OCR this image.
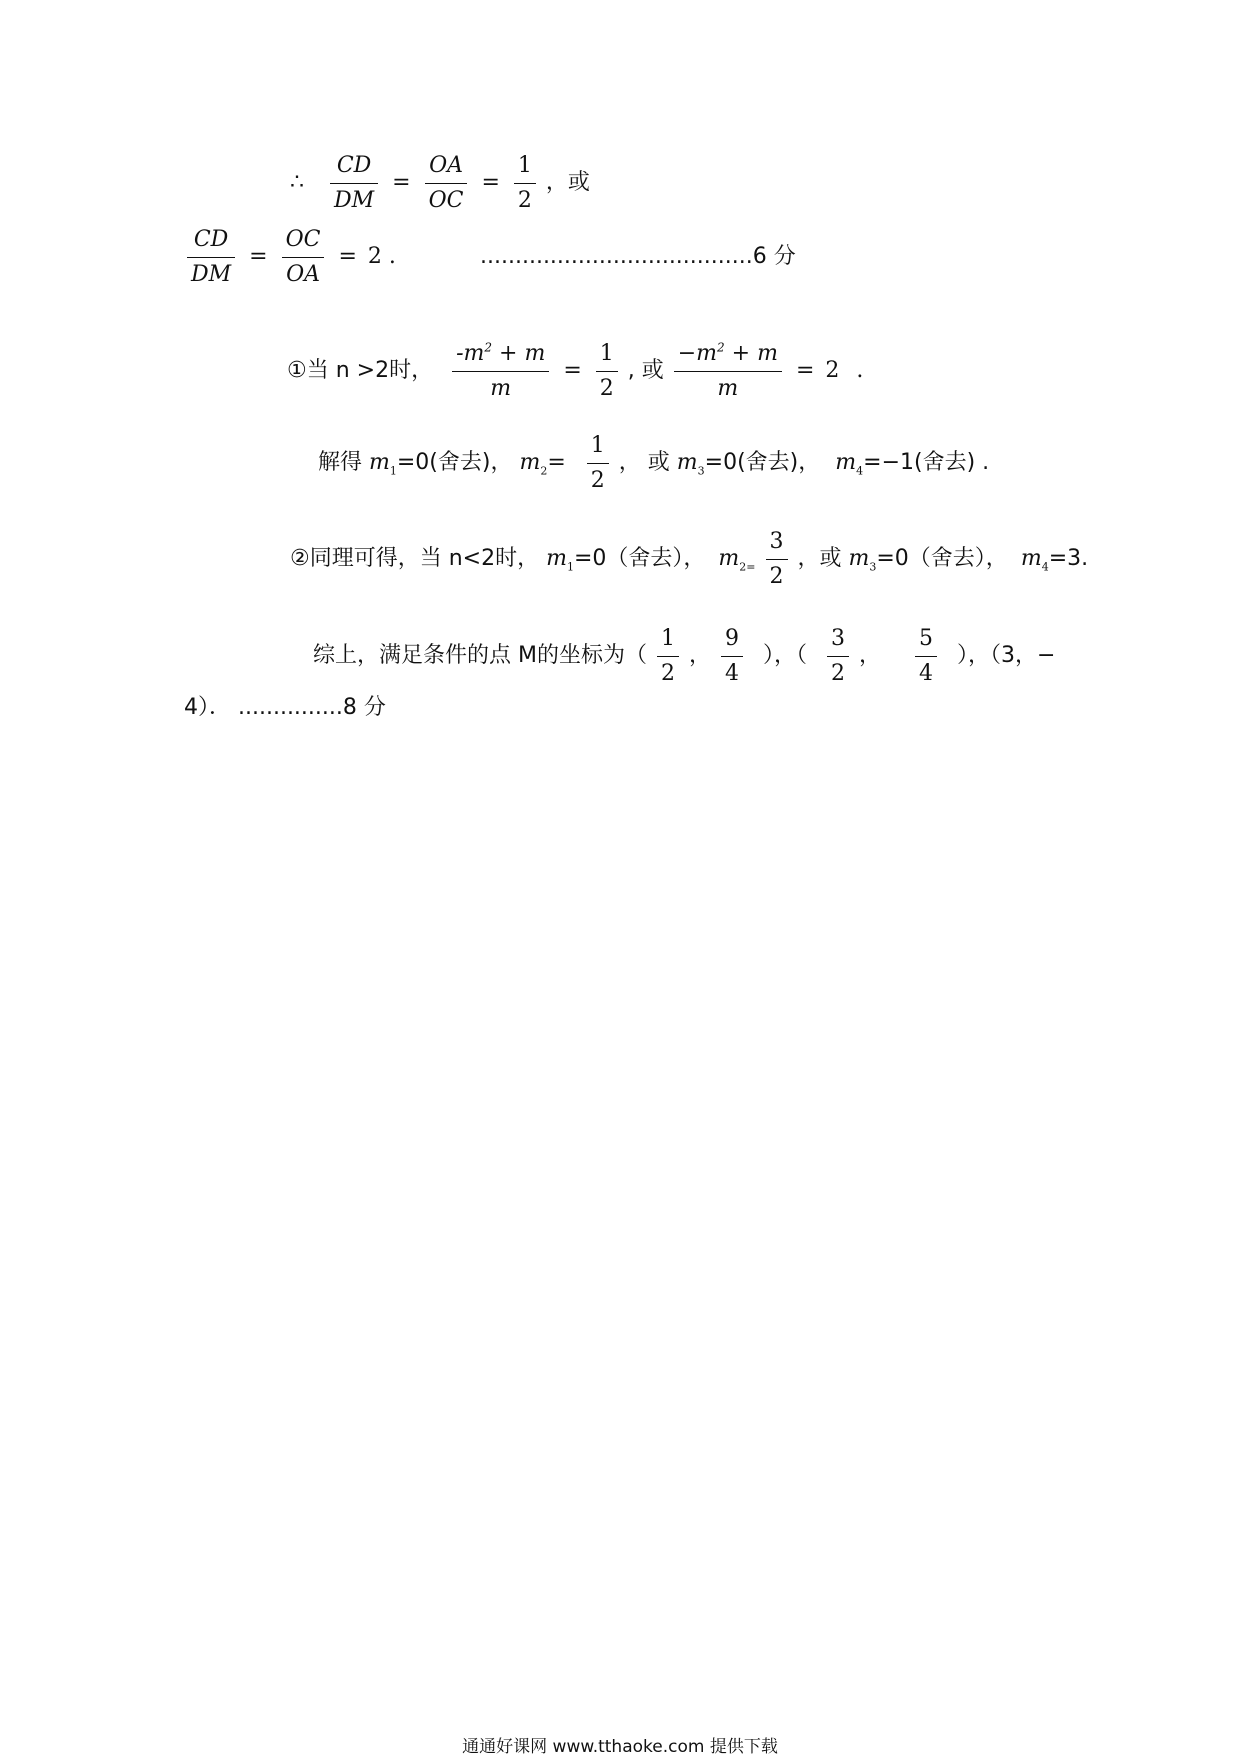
∴ $\frac{CD}{DM} = \frac{OA}{OC} = \frac{1}{2}$ ，或
$\frac{CD}{DM} = \frac{OC}{OA} = 2$ .	.......................................6 分
①当 n >2时， $\frac{-m^2 + m}{m} = \frac{1}{2}$ , 或 $\frac{-m^2 + m}{m} = 2$ .
解得 $m_1=0$(舍去)， $m_2= \frac{1}{2}$ ， 或 $m_3=0$(舍去)， $m_4=-1$(舍去) .
②同理可得，当 n<2时， $m_1=0$（舍去）， $m_{2=} \frac{3}{2}$ ，或 $m_3=0$（舍去）， $m_4=3$.
综上，满足条件的点 M的坐标为（ $\frac{1}{2}$ ， $\frac{9}{4}$ ），（ $\frac{3}{2}$ ， $\frac{5}{4}$ ），（3，−
4）． ...............8 分
通通好课网 www.tthaoke.com 提供下载
